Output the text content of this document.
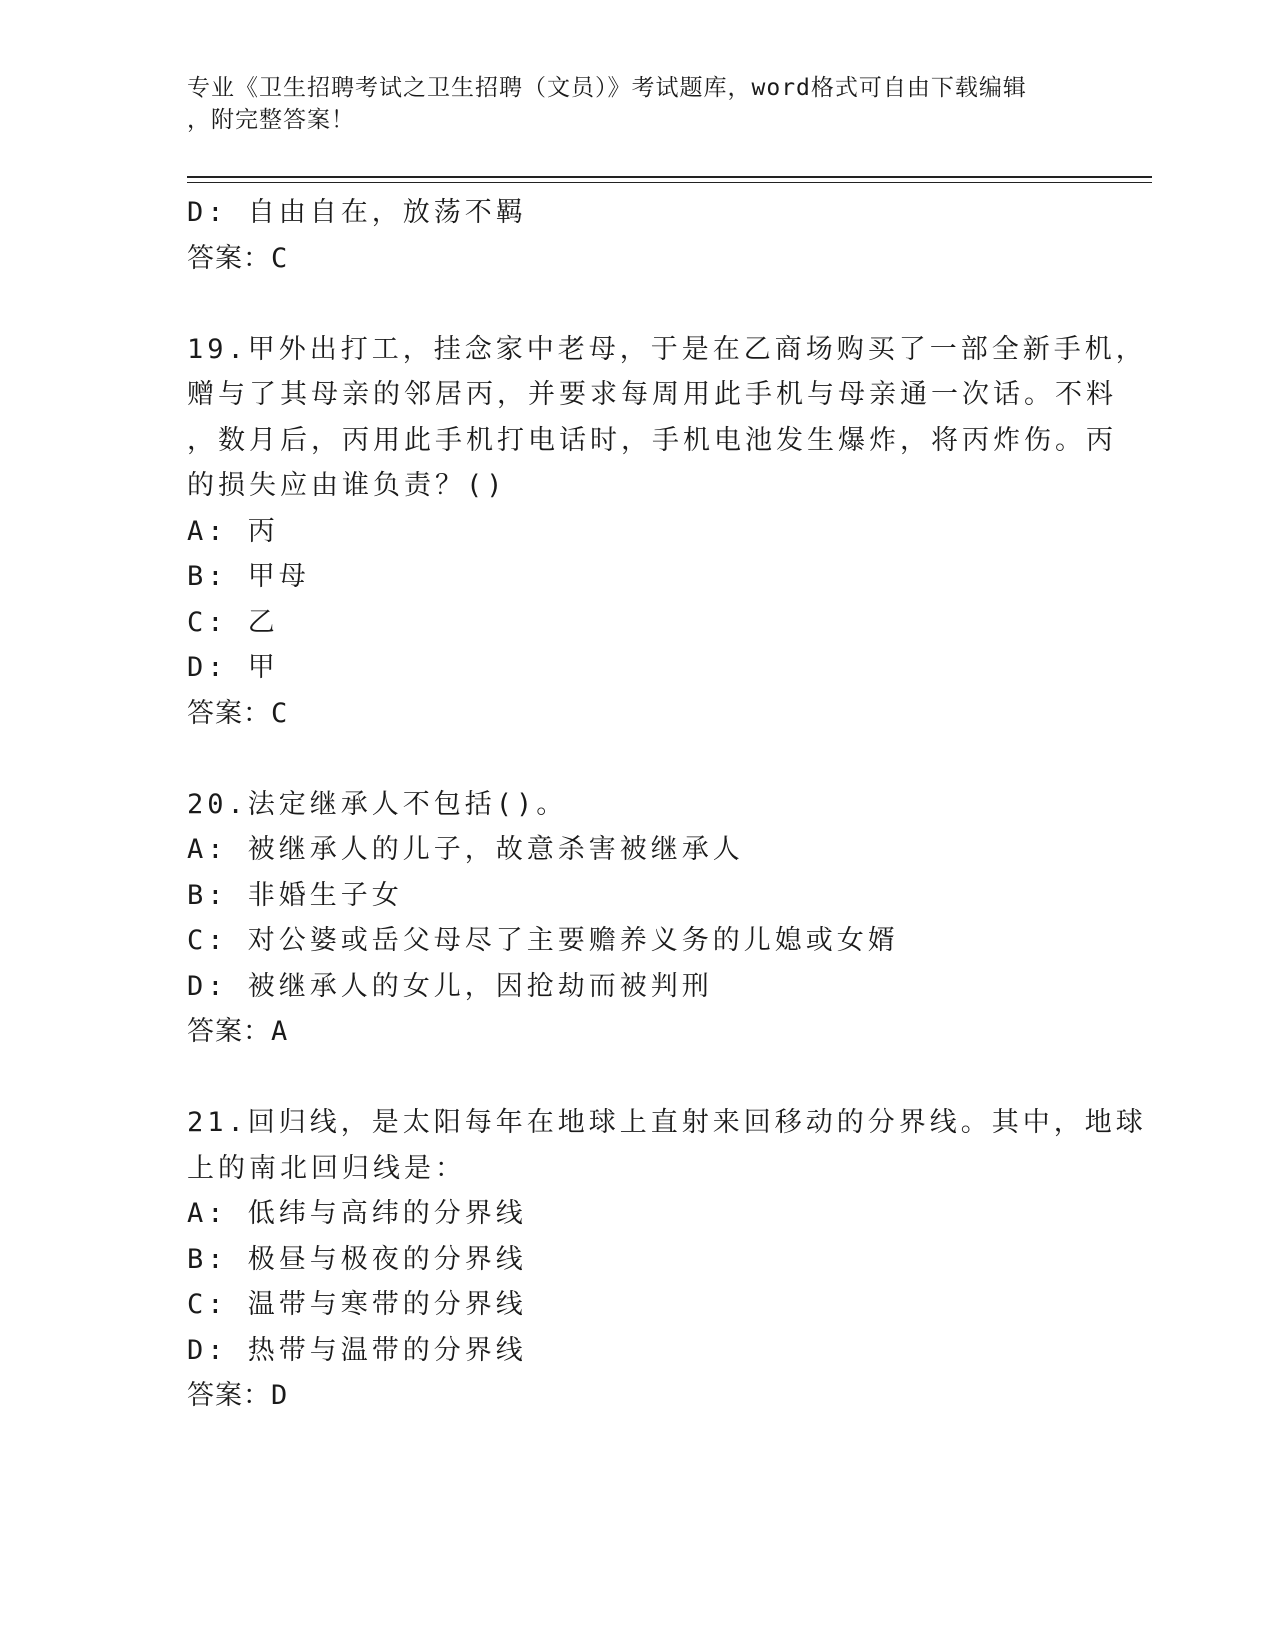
专业《卫生招聘考试之卫生招聘（文员）》考试题库，word格式可自由下载编辑
，附完整答案！
D: 自由自在，放荡不羁
答案：C
19.甲外出打工，挂念家中老母，于是在乙商场购买了一部全新手机，
赠与了其母亲的邻居丙，并要求每周用此手机与母亲通一次话。不料
，数月后，丙用此手机打电话时，手机电池发生爆炸，将丙炸伤。丙
的损失应由谁负责？()
A: 丙
B: 甲母
C: 乙
D: 甲
答案：C
20.法定继承人不包括()。
A: 被继承人的儿子，故意杀害被继承人
B: 非婚生子女
C: 对公婆或岳父母尽了主要赡养义务的儿媳或女婿
D: 被继承人的女儿，因抢劫而被判刑
答案：A
21.回归线，是太阳每年在地球上直射来回移动的分界线。其中，地球
上的南北回归线是：
A: 低纬与高纬的分界线
B: 极昼与极夜的分界线
C: 温带与寒带的分界线
D: 热带与温带的分界线
答案：D
